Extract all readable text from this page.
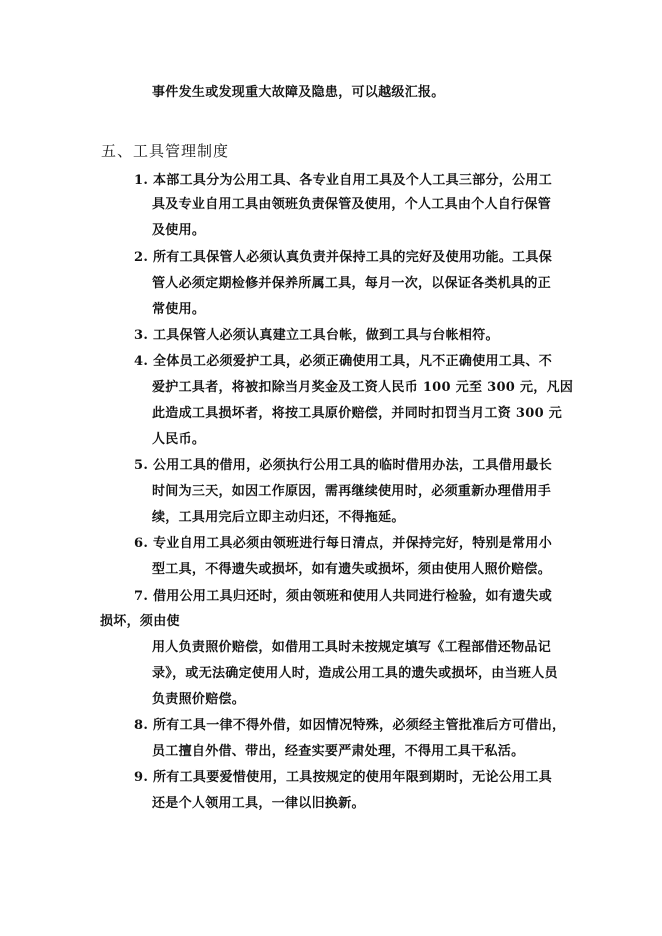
事件发生或发现重大故障及隐患，可以越级汇报。
五、工具管理制度
1. 本部工具分为公用工具、各专业自用工具及个人工具三部分，公用工
具及专业自用工具由领班负责保管及使用，个人工具由个人自行保管
及使用。
2. 所有工具保管人必须认真负责并保持工具的完好及使用功能。工具保
管人必须定期检修并保养所属工具，每月一次，以保证各类机具的正
常使用。
3. 工具保管人必须认真建立工具台帐，做到工具与台帐相符。
4. 全体员工必须爱护工具，必须正确使用工具，凡不正确使用工具、不
爱护工具者，将被扣除当月奖金及工资人民币 100 元至 300 元，凡因
此造成工具损坏者，将按工具原价赔偿，并同时扣罚当月工资 300 元
人民币。
5. 公用工具的借用，必须执行公用工具的临时借用办法，工具借用最长
时间为三天，如因工作原因，需再继续使用时，必须重新办理借用手
续，工具用完后立即主动归还，不得拖延。
6. 专业自用工具必须由领班进行每日清点，并保持完好，特别是常用小
型工具，不得遗失或损坏，如有遗失或损坏，须由使用人照价赔偿。
7. 借用公用工具归还时，须由领班和使用人共同进行检验，如有遗失或
损坏，须由使
用人负责照价赔偿，如借用工具时未按规定填写《工程部借还物品记
录》，或无法确定使用人时，造成公用工具的遗失或损坏，由当班人员
负责照价赔偿。
8. 所有工具一律不得外借，如因情况特殊，必须经主管批准后方可借出，
员工擅自外借、带出，经查实要严肃处理，不得用工具干私活。
9. 所有工具要爱惜使用，工具按规定的使用年限到期时，无论公用工具
还是个人领用工具，一律以旧换新。
